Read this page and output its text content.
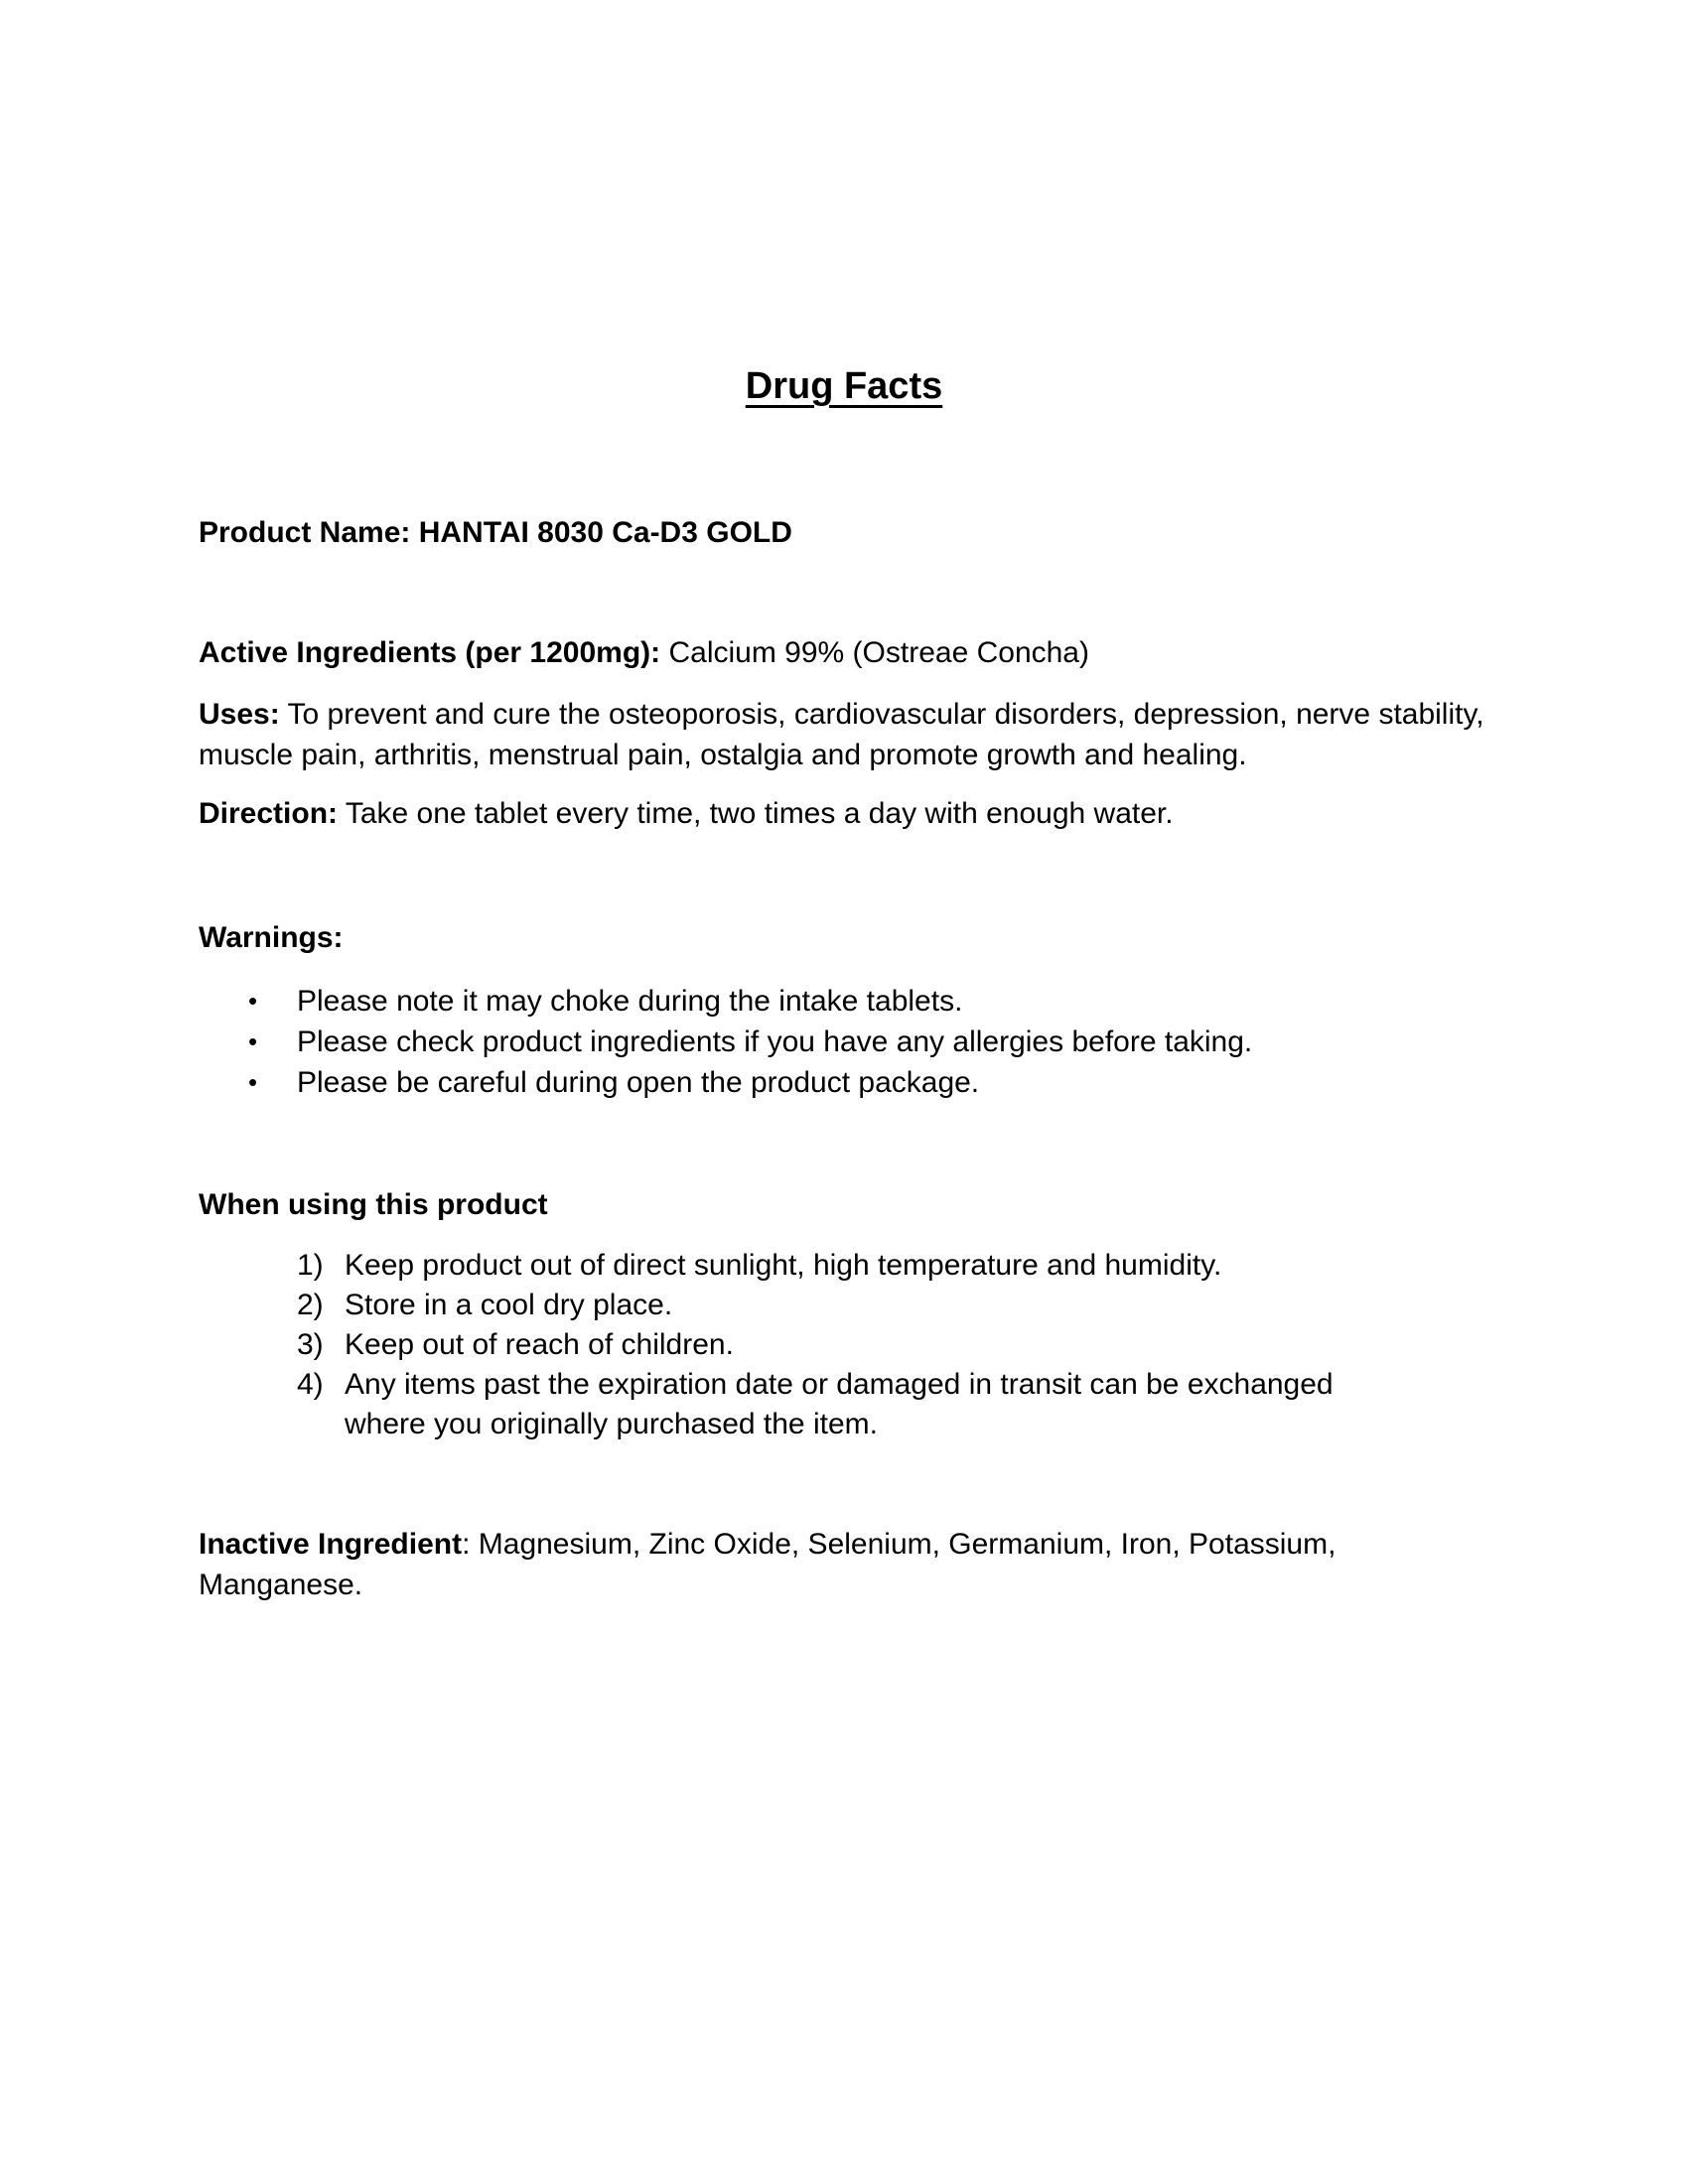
Drug Facts

Product Name: HANTAI 8030 Ca-D3 GOLD

Active Ingredients (per 1200mg): Calcium 99% (Ostreae Concha)

Uses: To prevent and cure the osteoporosis, cardiovascular disorders, depression, nerve stability, muscle pain, arthritis, menstrual pain, ostalgia and promote growth and healing.

Direction: Take one tablet every time, two times a day with enough water.

Warnings:

•	Please note it may choke during the intake tablets.
•	Please check product ingredients if you have any allergies before taking.
•	Please be careful during open the product package.

When using this product

1) Keep product out of direct sunlight, high temperature and humidity.
2) Store in a cool dry place.
3) Keep out of reach of children.
4) Any items past the expiration date or damaged in transit can be exchanged where you originally purchased the item.

Inactive Ingredient: Magnesium, Zinc Oxide, Selenium, Germanium, Iron, Potassium, Manganese.
